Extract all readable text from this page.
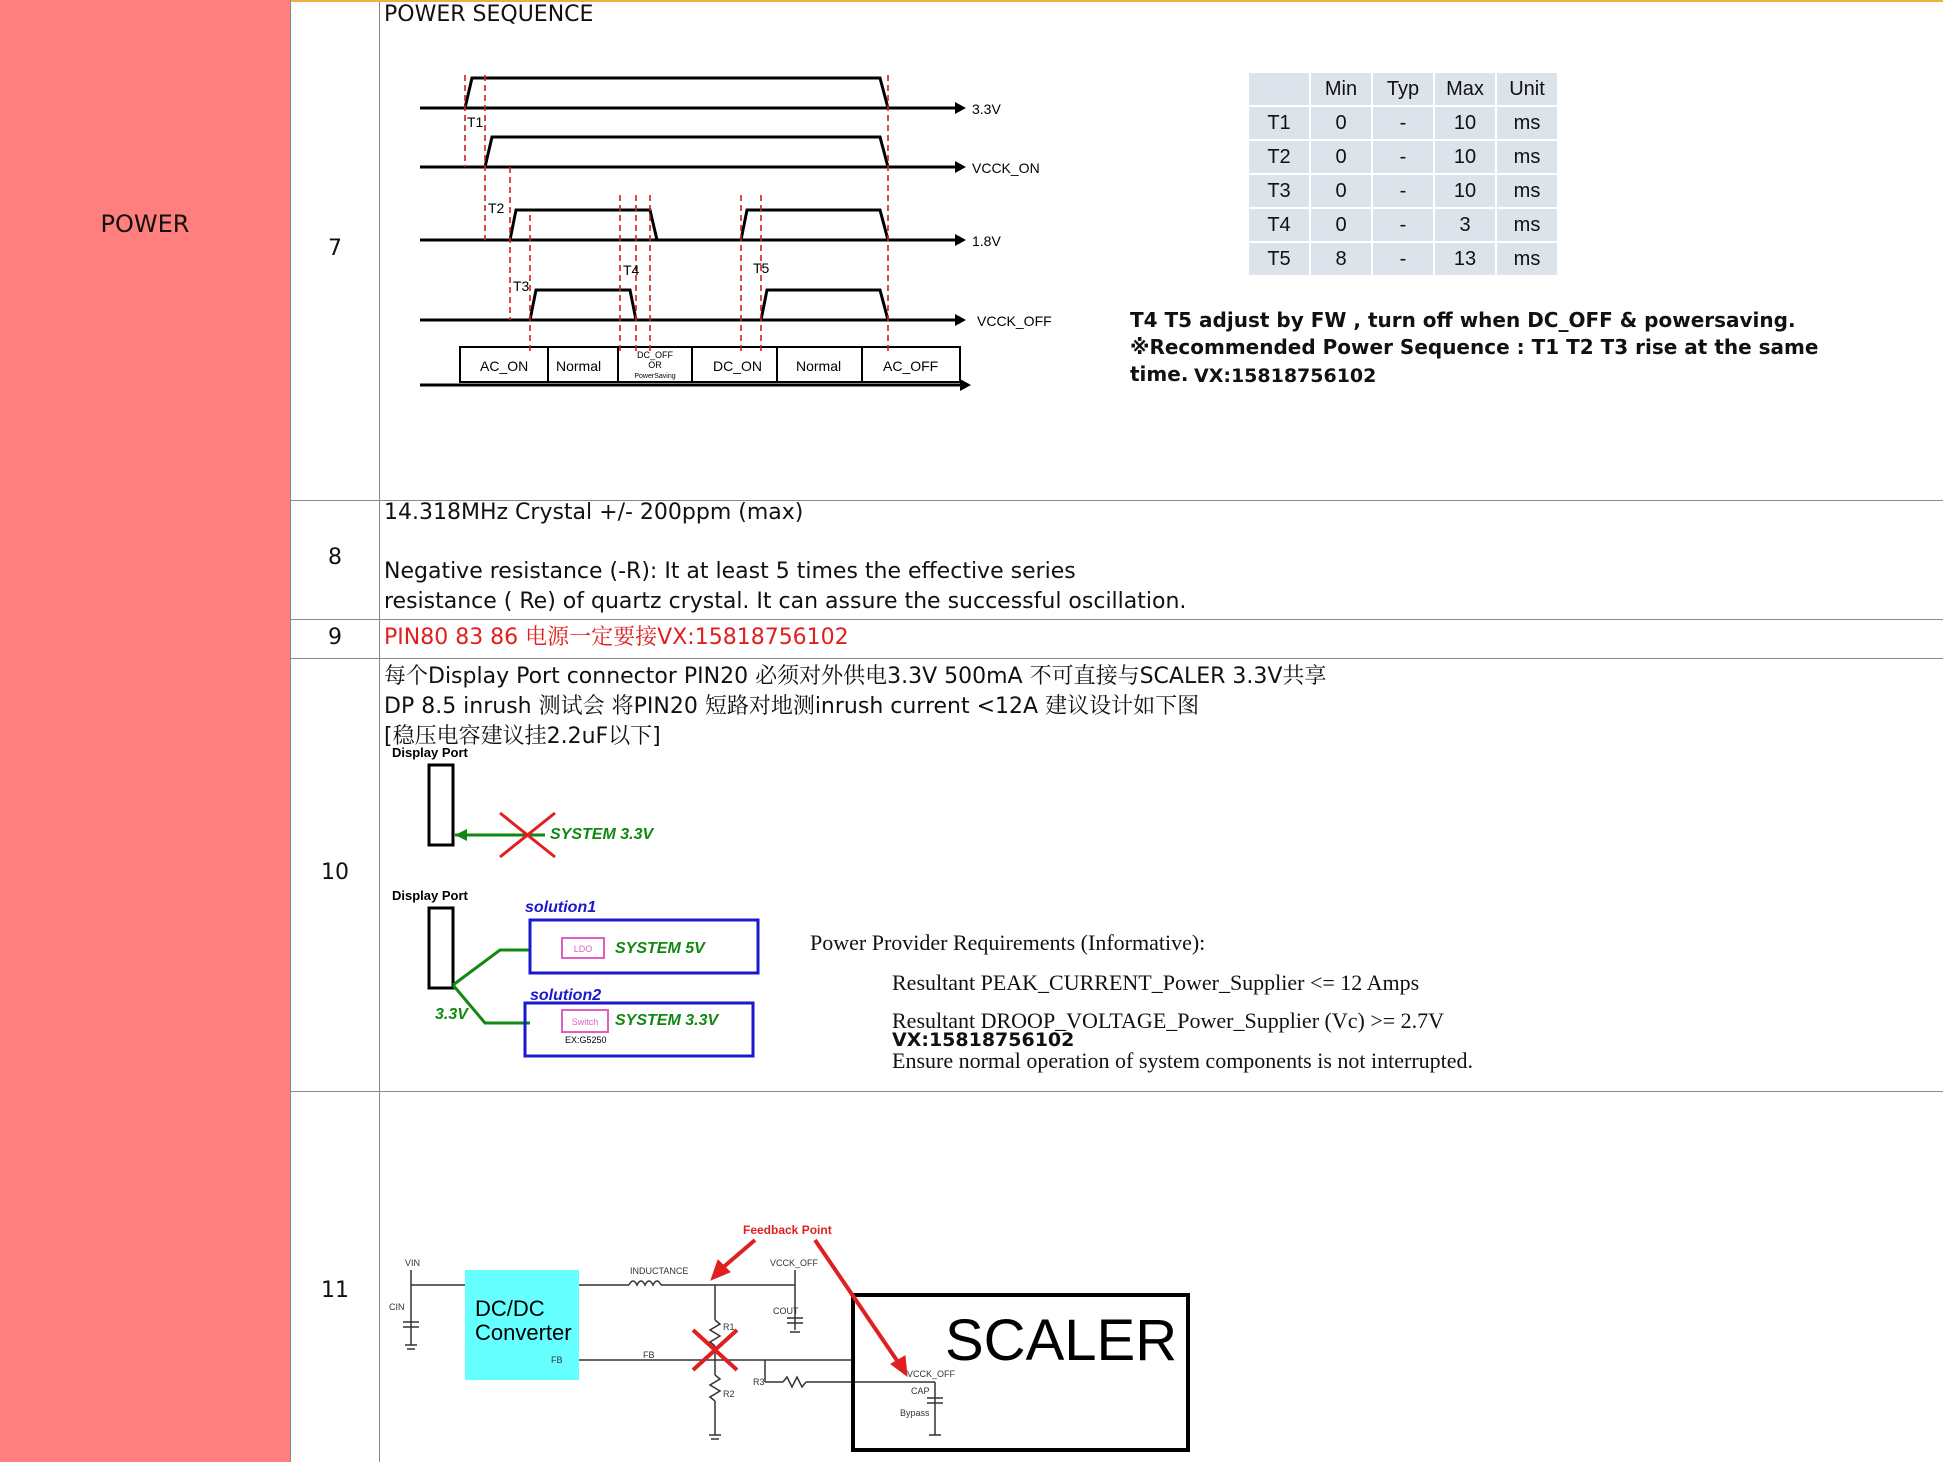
POWER
7
POWER SEQUENCE
3.3V
VCCK_ON
1.8V
VCCK_OFF
T1
T2
T3
T4	T5
AC_ON Normal	DC_ON Normal	AC_OFF
DC_OFF
OR
PowerSaving
	Min	Typ	Max	Unit
T1	0	-	10	ms
T2	0	-	10	ms
T3	0	-	10	ms
T4	0	-	3	ms
T5	8	-	13	ms
T4 T5 adjust by FW , turn off when DC_OFF & powersaving.
※Recommended Power Sequence : T1 T2 T3 rise at the same
time. VX:15818756102
8
14.318MHz Crystal +/- 200ppm (max)
Negative resistance (-R): It at least 5 times the effective series
resistance ( Re) of quartz crystal. It can assure the successful oscillation.
9	PIN80 83 86 电源一定要接VX:15818756102
10
每个Display Port connector PIN20 必须对外供电3.3V 500mA 不可直接与SCALER 3.3V共享
DP 8.5 inrush 测试会 将PIN20 短路对地测inrush current <12A 建议设计如下图
[稳压电容建议挂2.2uF以下]
Display Port
Display Port
SYSTEM 3.3V
3.3V
solution1
LDO SYSTEM 5V
solution2
Switch
EX:G5250
SYSTEM 3.3V
Power Provider Requirements (Informative):
Resultant PEAK_CURRENT_Power_Supplier <= 12 Amps
Resultant DROOP_VOLTAGE_Power_Supplier (Vc) >= 2.7V
VX:15818756102
Ensure normal operation of system components is not interrupted.
11
VIN
CIN
INDUCTANCE
VCCK_OFF
COUT
R1
R2
R3
FB
VCCK_OFF
CAP
Bypass
FB
Feedback Point
DC/DC
Converter	SCALER
